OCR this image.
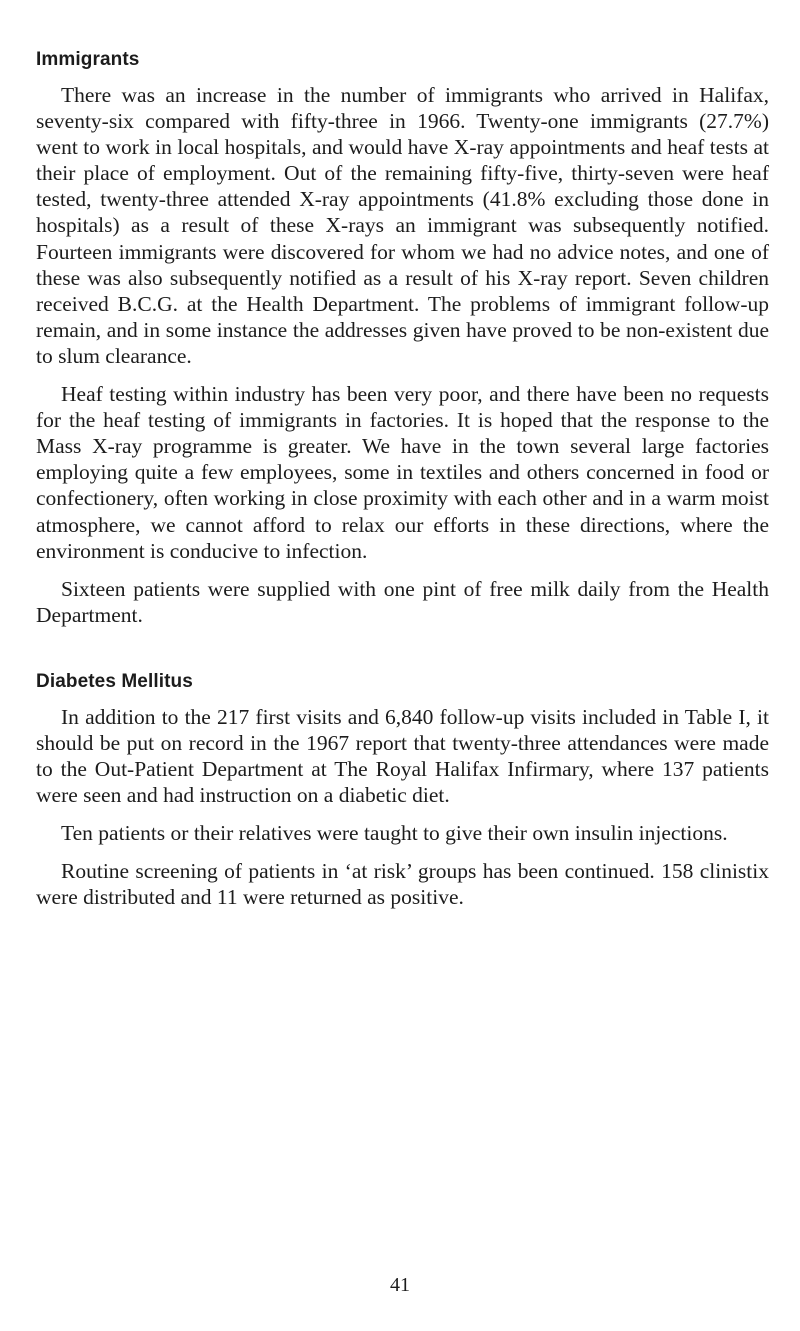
Immigrants

There was an increase in the number of immigrants who arrived in Halifax, seventy-six compared with fifty-three in 1966. Twenty-one immigrants (27.7%) went to work in local hospitals, and would have X-ray appointments and heaf tests at their place of employment. Out of the remaining fifty-five, thirty-seven were heaf tested, twenty-three attended X-ray appointments (41.8% excluding those done in hospitals) as a result of these X-rays an immigrant was subsequently notified. Fourteen immigrants were discovered for whom we had no advice notes, and one of these was also subsequently notified as a result of his X-ray report. Seven children received B.C.G. at the Health Department. The problems of immigrant follow-up remain, and in some instance the addresses given have proved to be non-existent due to slum clearance.

Heaf testing within industry has been very poor, and there have been no requests for the heaf testing of immigrants in factories. It is hoped that the response to the Mass X-ray programme is greater. We have in the town several large factories employing quite a few employees, some in textiles and others concerned in food or confectionery, often working in close proximity with each other and in a warm moist atmosphere, we cannot afford to relax our efforts in these directions, where the environment is conducive to infection.

Sixteen patients were supplied with one pint of free milk daily from the Health Department.

Diabetes Mellitus

In addition to the 217 first visits and 6,840 follow-up visits included in Table I, it should be put on record in the 1967 report that twenty-three attendances were made to the Out-Patient Department at The Royal Halifax Infirmary, where 137 patients were seen and had instruction on a diabetic diet.

Ten patients or their relatives were taught to give their own insulin injections.

Routine screening of patients in ‘at risk’ groups has been continued. 158 clinistix were distributed and 11 were returned as positive.

41
